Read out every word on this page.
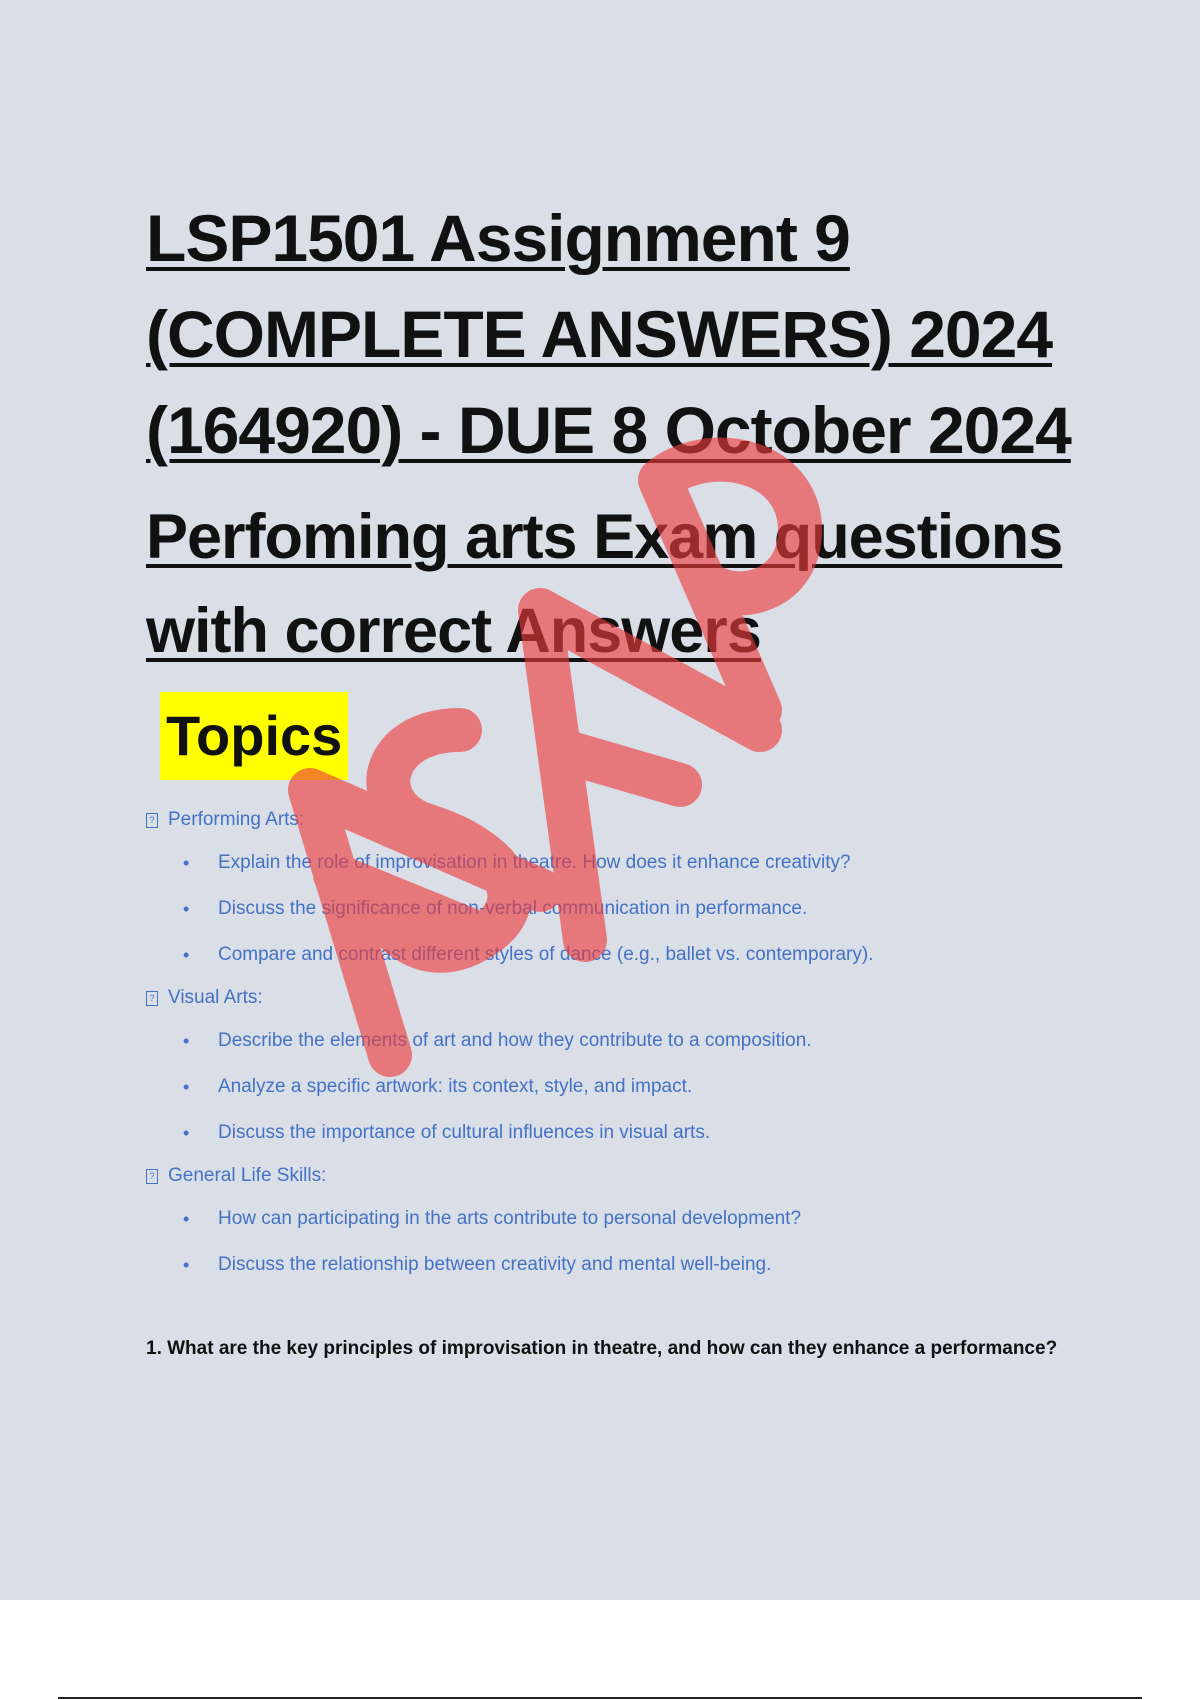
LSP1501 Assignment 9
(COMPLETE ANSWERS) 2024
(164920) - DUE 8 October 2024
Perfoming arts Exam questions
with correct Answers
Topics
? Performing Arts:
• Explain the role of improvisation in theatre. How does it enhance creativity?
• Discuss the significance of non-verbal communication in performance.
• Compare and contrast different styles of dance (e.g., ballet vs. contemporary).
? Visual Arts:
• Describe the elements of art and how they contribute to a composition.
• Analyze a specific artwork: its context, style, and impact.
• Discuss the importance of cultural influences in visual arts.
? General Life Skills:
• How can participating in the arts contribute to personal development?
• Discuss the relationship between creativity and mental well-being.
1. What are the key principles of improvisation in theatre, and how can they enhance a performance?
